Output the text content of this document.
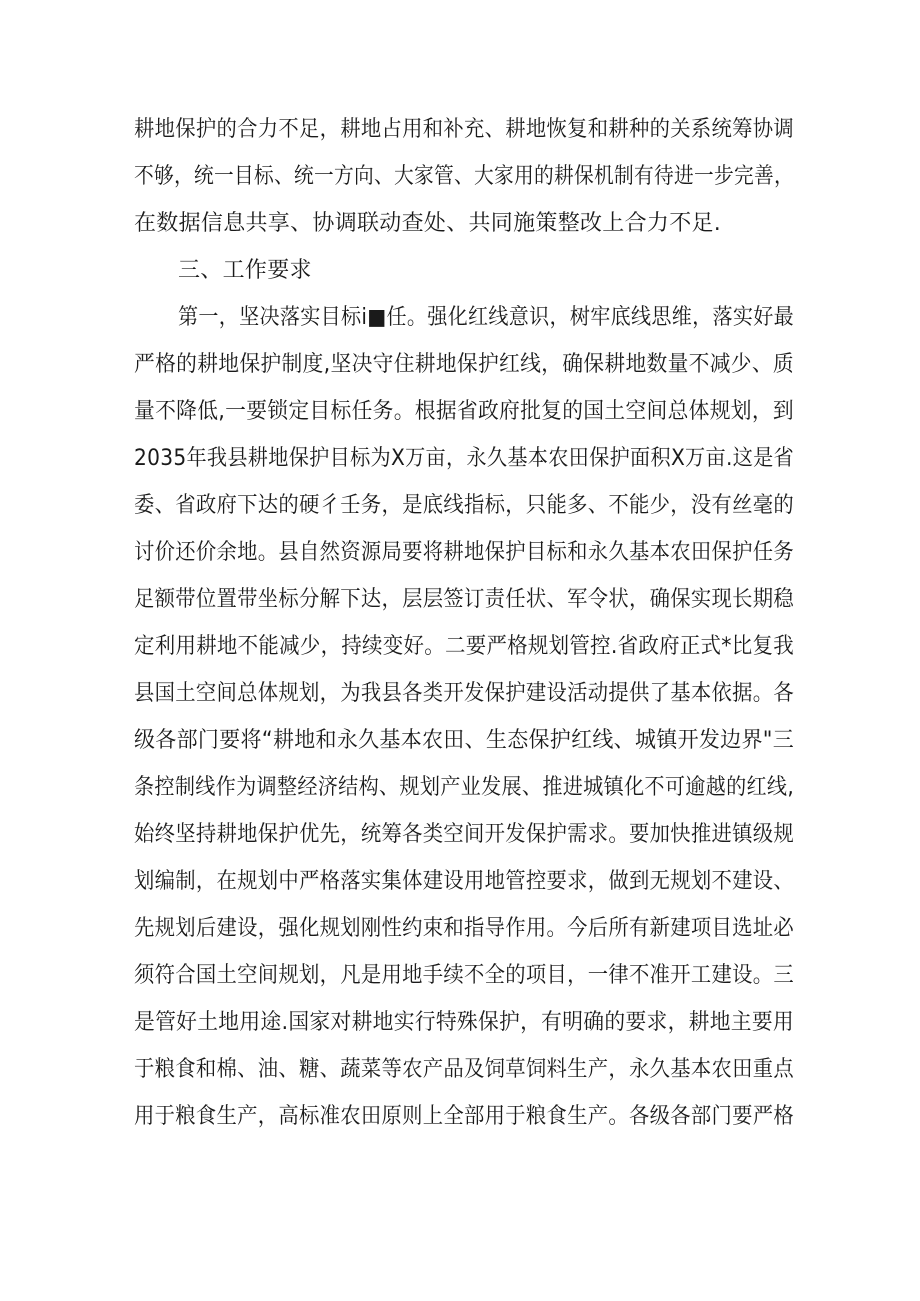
耕地保护的合力不足，耕地占用和补充、耕地恢复和耕种的关系统筹协调
不够，统一目标、统一方向、大家管、大家用的耕保机制有待进一步完善，
在数据信息共享、协调联动查处、共同施策整改上合力不足.
三、工作要求
第一，坚决落实目标i■任。强化红线意识，树牢底线思维，落实好最
严格的耕地保护制度,坚决守住耕地保护红线，确保耕地数量不减少、质
量不降低,一要锁定目标任务。根据省政府批复的国土空间总体规划，到
2035年我县耕地保护目标为X万亩，永久基本农田保护面积X万亩.这是省
委、省政府下达的硬彳壬务，是底线指标，只能多、不能少，没有丝毫的
讨价还价余地。县自然资源局要将耕地保护目标和永久基本农田保护任务
足额带位置带坐标分解下达，层层签订责任状、军令状，确保实现长期稳
定利用耕地不能减少，持续变好。二要严格规划管控.省政府正式*比复我
县国土空间总体规划，为我县各类开发保护建设活动提供了基本依据。各
级各部门要将“耕地和永久基本农田、生态保护红线、城镇开发边界"三
条控制线作为调整经济结构、规划产业发展、推进城镇化不可逾越的红线,
始终坚持耕地保护优先，统筹各类空间开发保护需求。要加快推进镇级规
划编制，在规划中严格落实集体建设用地管控要求，做到无规划不建设、
先规划后建设，强化规划刚性约束和指导作用。今后所有新建项目选址必
须符合国土空间规划，凡是用地手续不全的项目，一律不准开工建设。三
是管好土地用途.国家对耕地实行特殊保护，有明确的要求，耕地主要用
于粮食和棉、油、糖、蔬菜等农产品及饲草饲料生产，永久基本农田重点
用于粮食生产，高标准农田原则上全部用于粮食生产。各级各部门要严格
